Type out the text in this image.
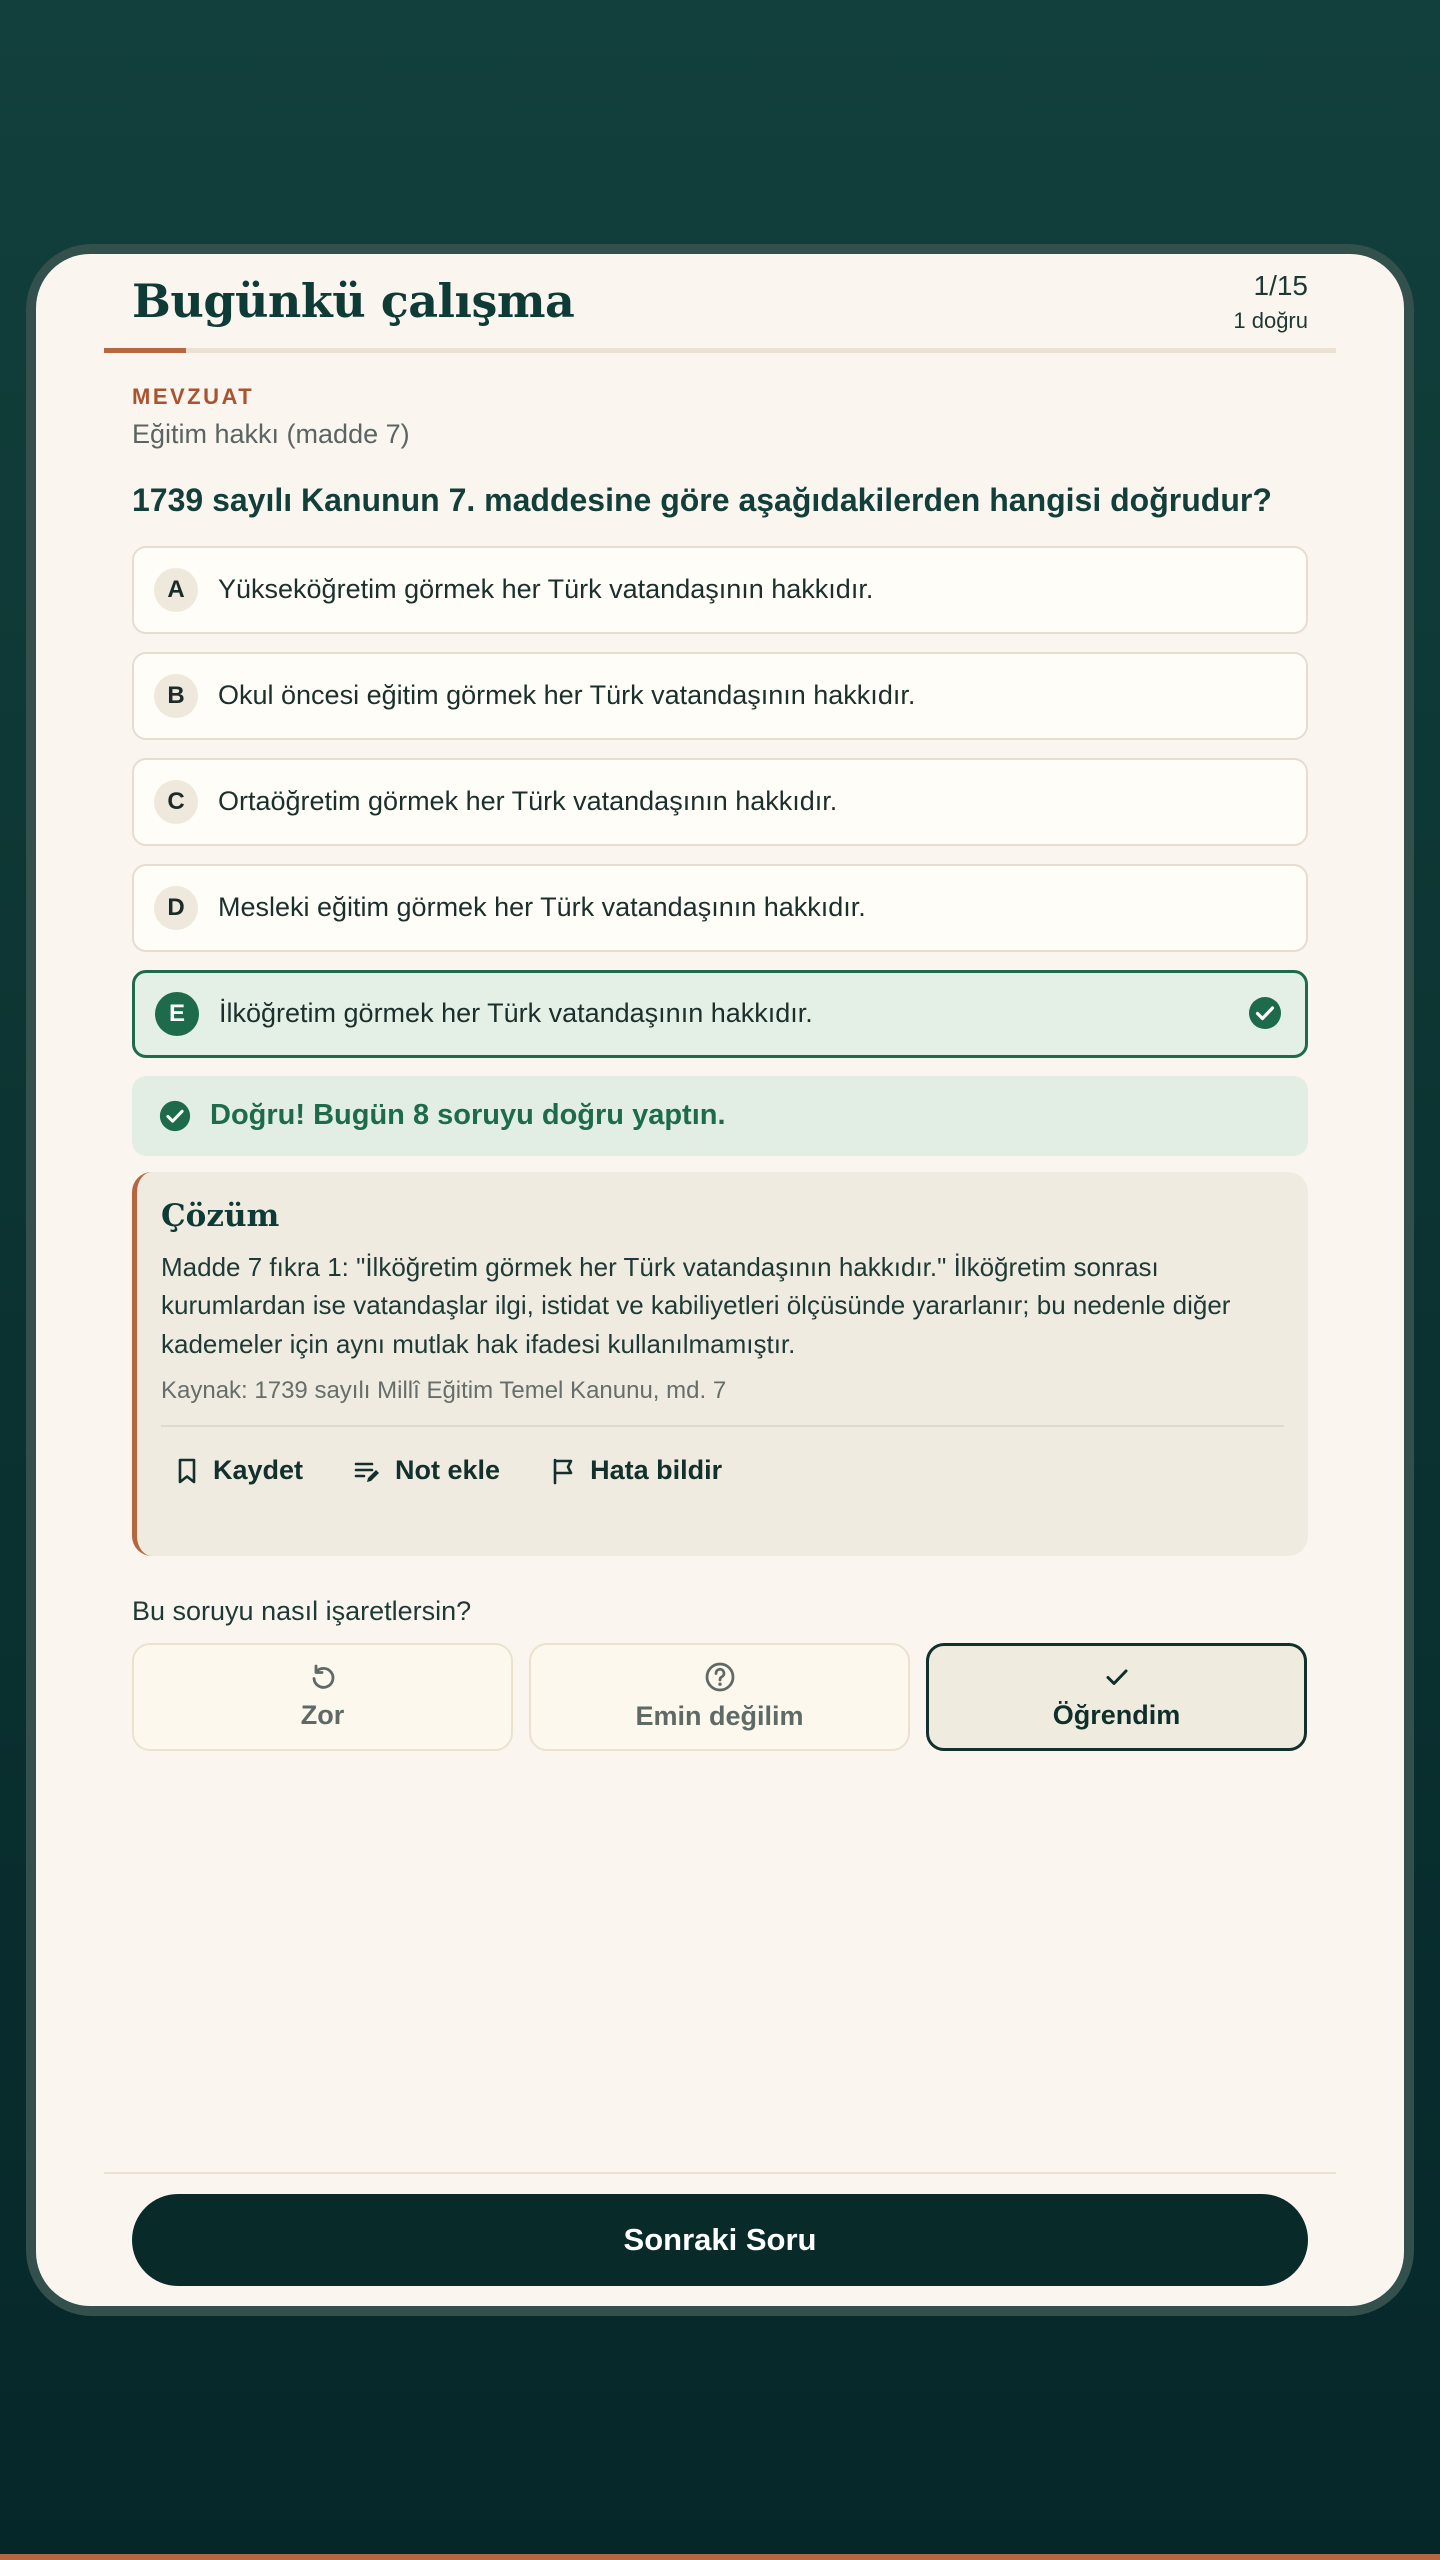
Bugünkü çalışma	1/15
1 doğru
MEVZUAT
Eğitim hakkı (madde 7)
1739 sayılı Kanunun 7. maddesine göre aşağıdakilerden hangisi doğrudur?
A	Yükseköğretim görmek her Türk vatandaşının hakkıdır.
B	Okul öncesi eğitim görmek her Türk vatandaşının hakkıdır.
C	Ortaöğretim görmek her Türk vatandaşının hakkıdır.
D	Mesleki eğitim görmek her Türk vatandaşının hakkıdır.
E	İlköğretim görmek her Türk vatandaşının hakkıdır.
Doğru! Bugün 8 soruyu doğru yaptın.
Çözüm
Madde 7 fıkra 1: "İlköğretim görmek her Türk vatandaşının hakkıdır." İlköğretim sonrası kurumlardan ise vatandaşlar ilgi, istidat ve kabiliyetleri ölçüsünde yararlanır; bu nedenle diğer kademeler için aynı mutlak hak ifadesi kullanılmamıştır.
Kaynak: 1739 sayılı Millî Eğitim Temel Kanunu, md. 7
Kaydet	Not ekle	Hata bildir
Bu soruyu nasıl işaretlersin?
Zor	Emin değilim	Öğrendim
Sonraki Soru
